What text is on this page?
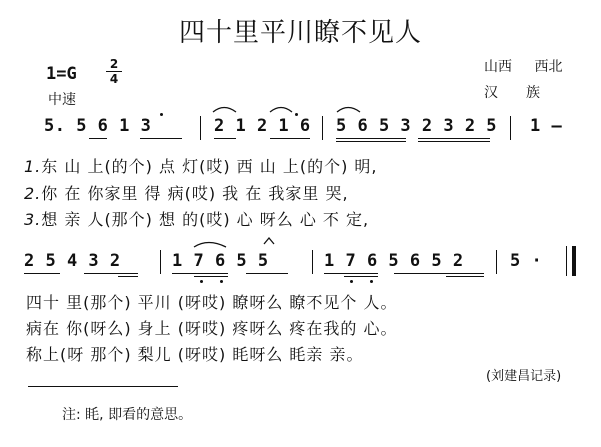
四十里平川瞭不见人
1=G	2
4
中速
山西 西北
汉　　族
5. 5 6 1 3	2 1 2 1 6 5 6 5 3 2 3 2 5 1 –
1.东 山 上(的个) 点 灯(哎) 西 山 上(的个) 明,
2.你 在 你家里 得 病(哎) 我 在 我家里 哭,
3.想 亲 人(那个) 想 的(哎) 心 呀么 心 不 定,
2 5 4 3 2	1 7 6 5 5	1 7 6 5 6 5 2	5 ·
四十 里(那个) 平川 (呀哎) 瞭呀么 瞭不见个 人。
病在 你(呀么) 身上 (呀哎) 疼呀么 疼在我的 心。
称上(呀 那个) 梨儿 (呀哎) 眊呀么 眊亲 亲。
(刘建昌记录)
注: 眊, 即看的意思。
